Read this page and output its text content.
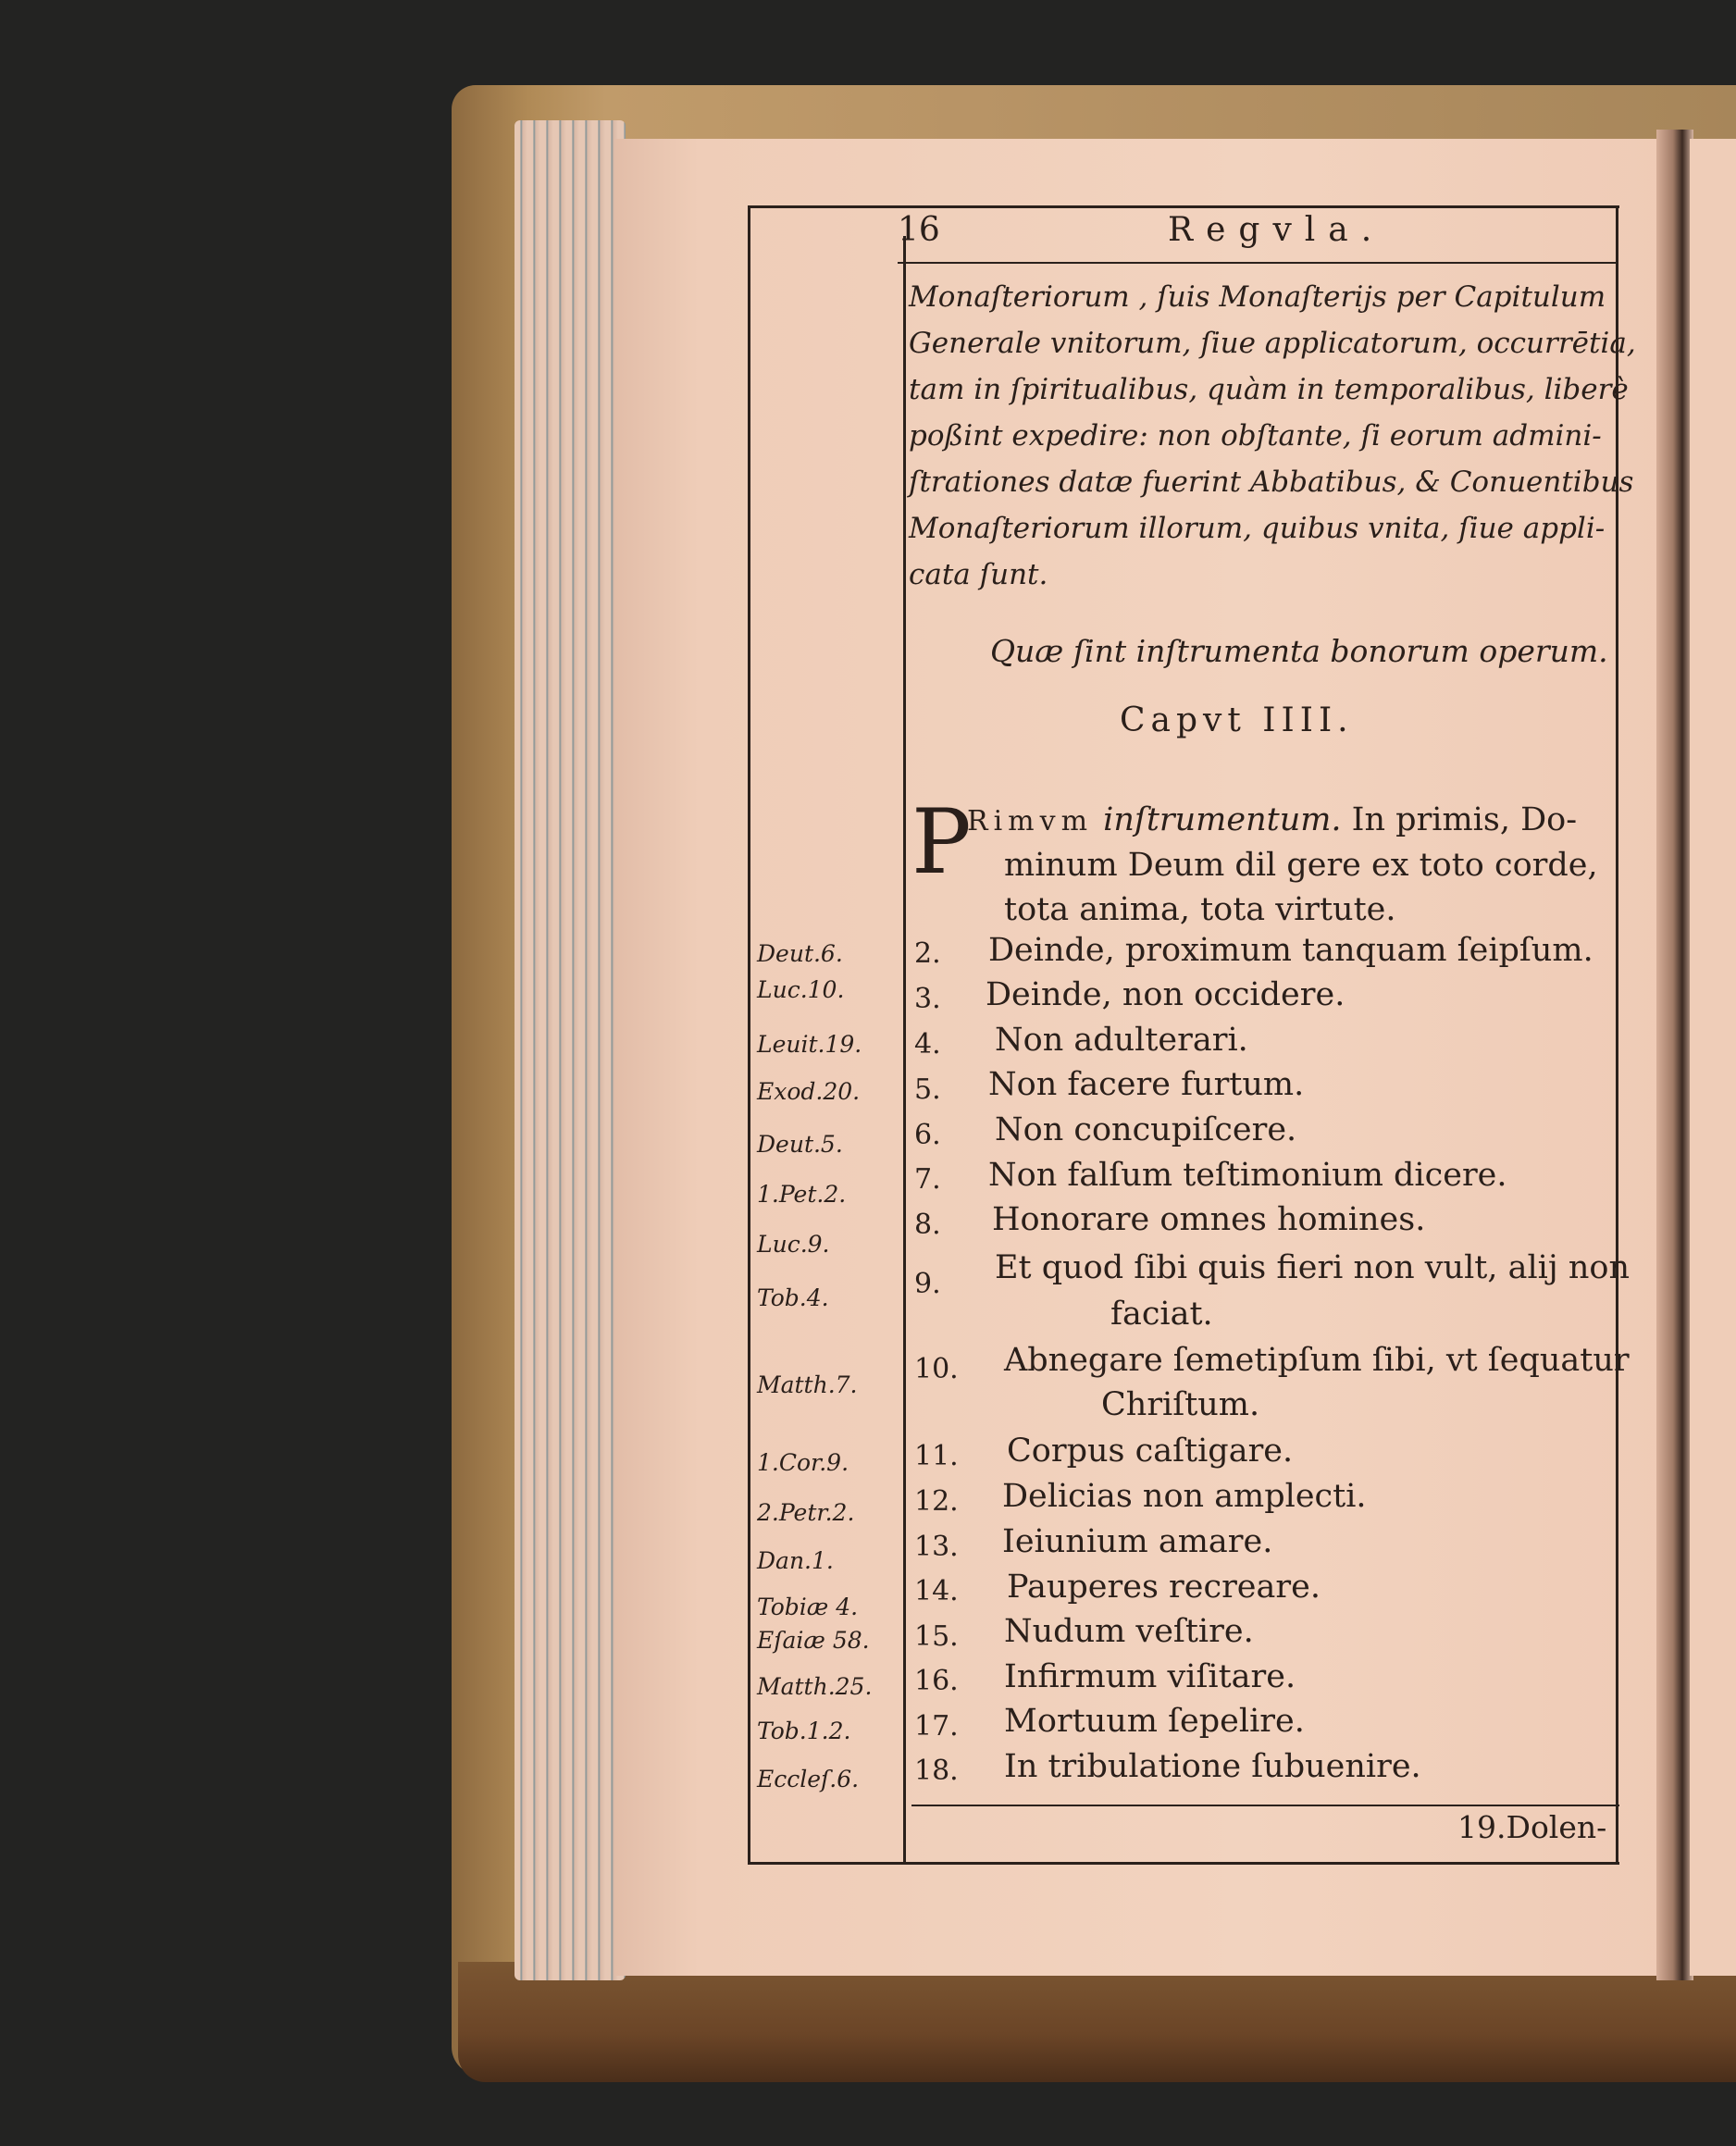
16	Regvla.
Monaſteriorum , ſuis Monaſterijs per Capitulum
Generale vnitorum, ſiue applicatorum, occurrētia,
tam in ſpiritualibus, quàm in temporalibus, liberè
poßint expedire: non obſtante, ſi eorum admini-
ſtrationes datæ fuerint Abbatibus, & Conuentibus
Monaſteriorum illorum, quibus vnita, ſiue appli-
cata ſunt.
Quæ ſint inſtrumenta bonorum operum.
Capvt IIII.
P
Rimvm inſtrumentum. In primis, Do-
minum Deum dil gere ex toto corde,
tota anima, tota virtute.
2. Deinde, proximum tanquam ſeipſum.
3. Deinde, non occidere.
4. Non adulterari.
5. Non facere furtum.
6. Non concupiſcere.
7. Non falſum teſtimonium dicere.
8. Honorare omnes homines.
9. Et quod ſibi quis fieri non vult, alij non
faciat.
10. Abnegare ſemetipſum ſibi, vt ſequatur
Chriſtum.
11. Corpus caſtigare.
12. Delicias non amplecti.
13. Ieiunium amare.
14. Pauperes recreare.
15. Nudum veſtire.
16. Infirmum viſitare.
17. Mortuum ſepelire.
18. In tribulatione ſubuenire.
Deut.6.
Luc.10.
Leuit.19.
Exod.20.
Deut.5.
1.Pet.2.
Luc.9.
Tob.4.
Matth.7.
1.Cor.9.
2.Petr.2.
Dan.1.
Tobiæ 4.
Eſaiæ 58.
Matth.25.
Tob.1.2.
Eccleſ.6.
19.Dolen-
